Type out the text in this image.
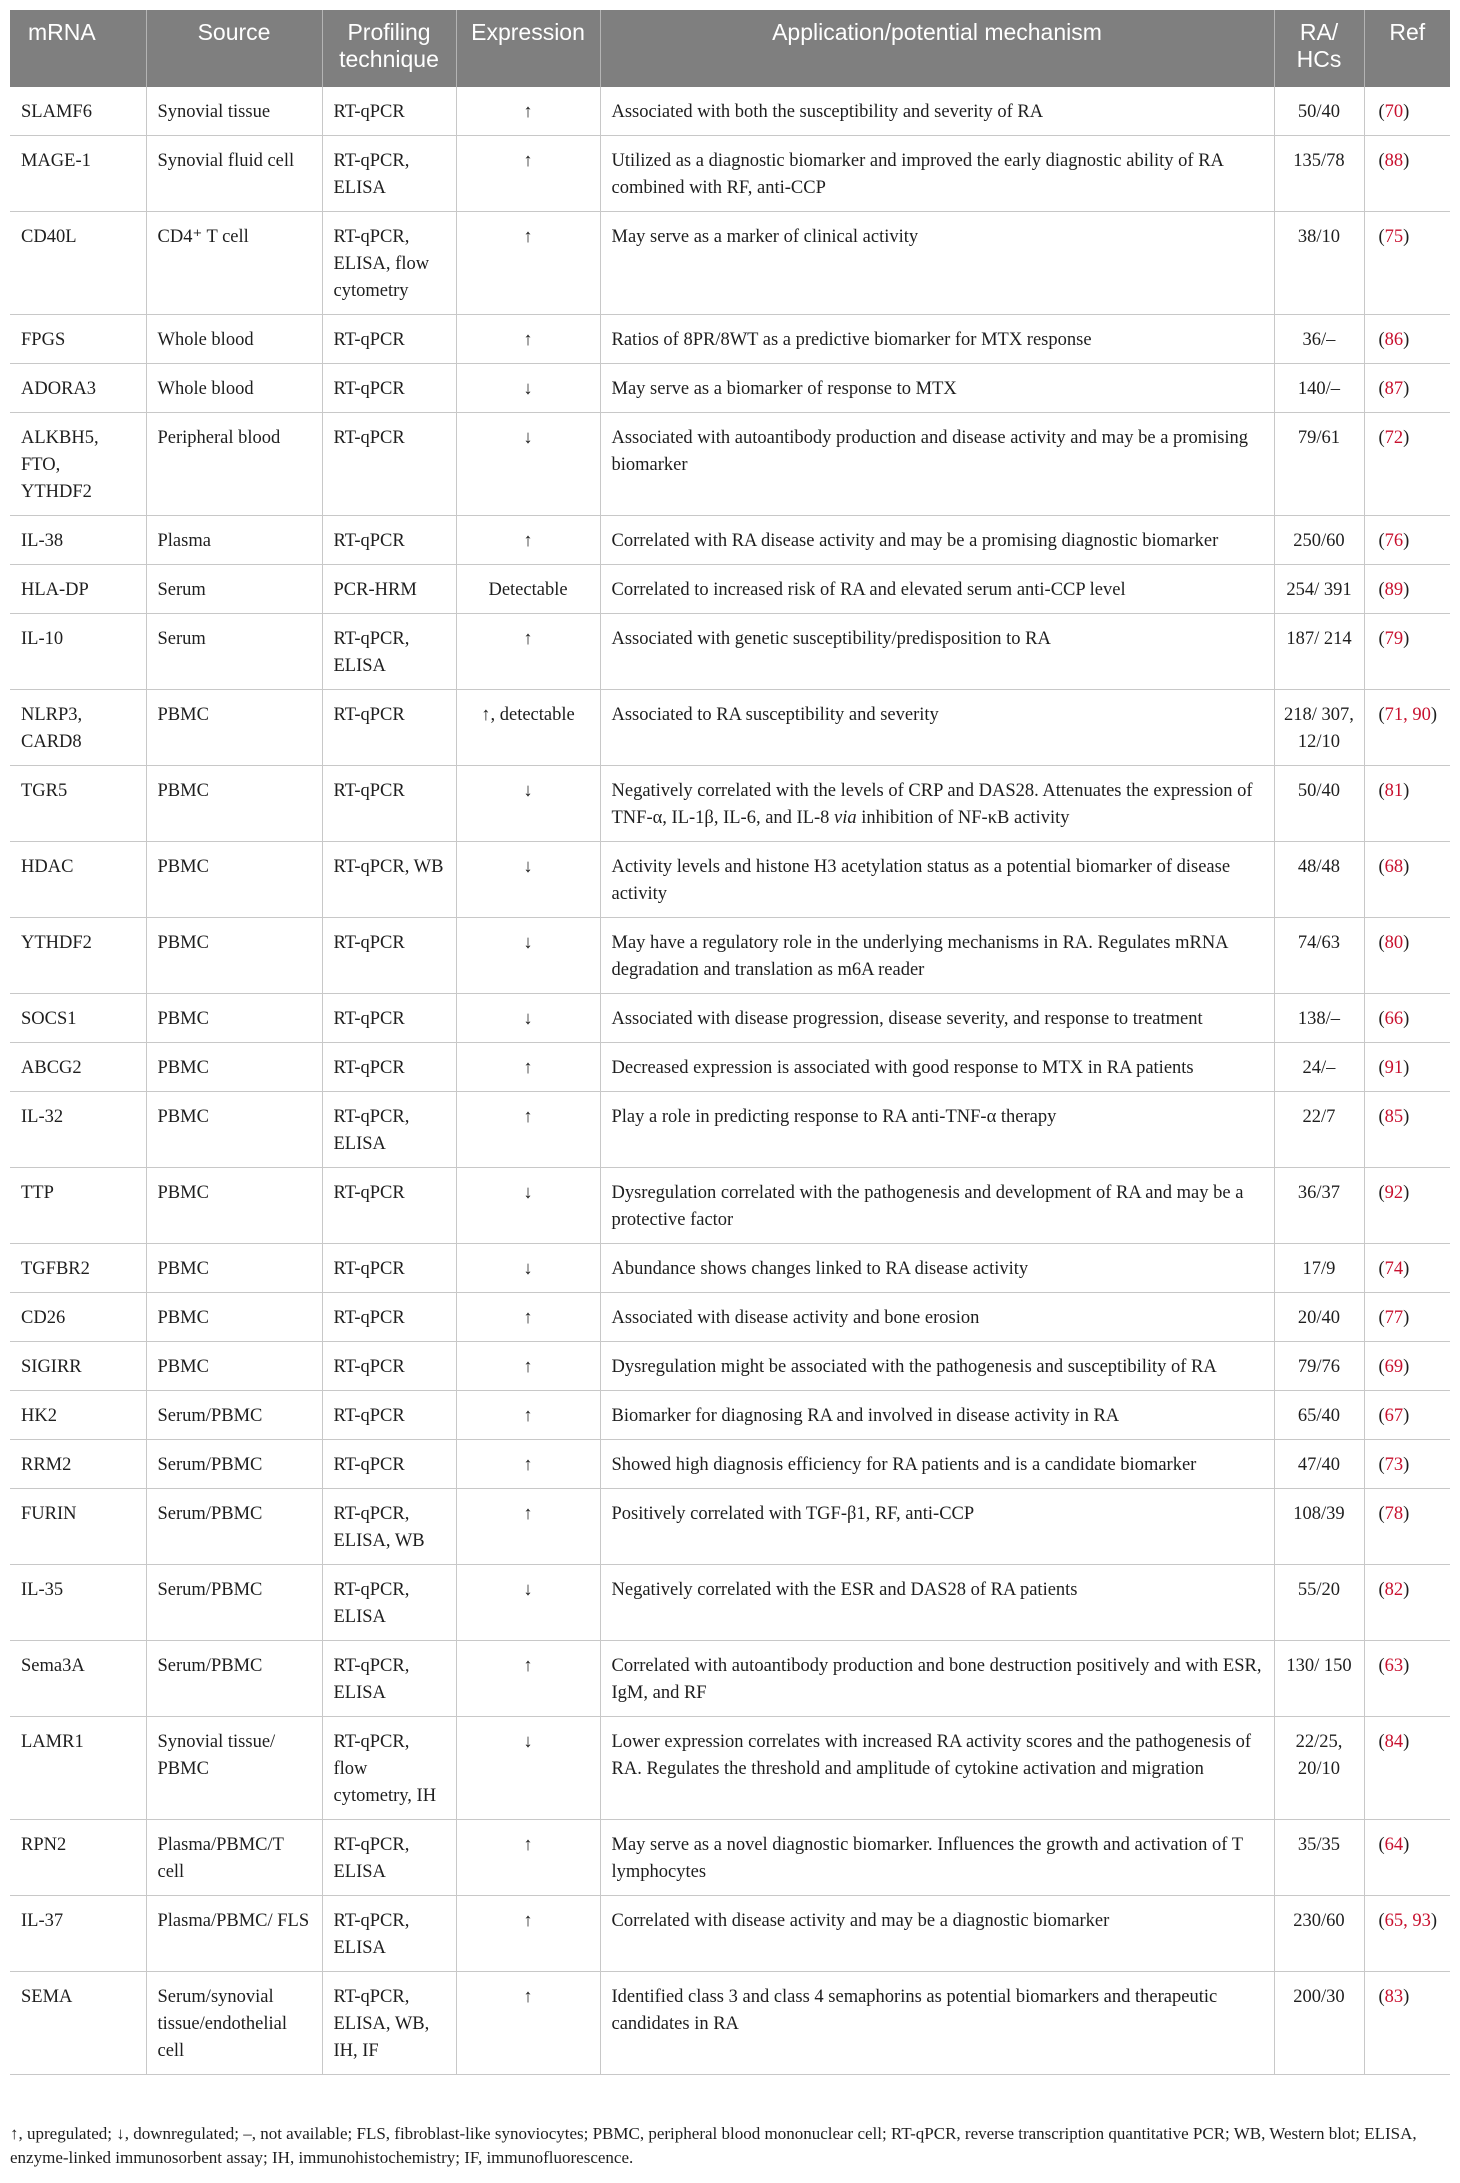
mRNA	Source	Profiling technique	Expression	Application/potential mechanism	RA/ HCs	Ref
SLAMF6	Synovial tissue	RT-qPCR	↑	Associated with both the susceptibility and severity of RA	50/40	(70)
MAGE-1	Synovial fluid cell	RT-qPCR, ELISA	↑	Utilized as a diagnostic biomarker and improved the early diagnostic ability of RA combined with RF, anti-CCP	135/78	(88)
CD40L	CD4⁺ T cell	RT-qPCR, ELISA, flow cytometry	↑	May serve as a marker of clinical activity	38/10	(75)
FPGS	Whole blood	RT-qPCR	↑	Ratios of 8PR/8WT as a predictive biomarker for MTX response	36/–	(86)
ADORA3	Whole blood	RT-qPCR	↓	May serve as a biomarker of response to MTX	140/–	(87)
ALKBH5, FTO, YTHDF2	Peripheral blood	RT-qPCR	↓	Associated with autoantibody production and disease activity and may be a promising biomarker	79/61	(72)
IL-38	Plasma	RT-qPCR	↑	Correlated with RA disease activity and may be a promising diagnostic biomarker	250/60	(76)
HLA-DP	Serum	PCR-HRM	Detectable	Correlated to increased risk of RA and elevated serum anti-CCP level	254/ 391	(89)
IL-10	Serum	RT-qPCR, ELISA	↑	Associated with genetic susceptibility/predisposition to RA	187/ 214	(79)
NLRP3, CARD8	PBMC	RT-qPCR	↑, detectable	Associated to RA susceptibility and severity	218/ 307, 12/10	(71, 90)
TGR5	PBMC	RT-qPCR	↓	Negatively correlated with the levels of CRP and DAS28. Attenuates the expression of TNF-α, IL-1β, IL-6, and IL-8 via inhibition of NF-κB activity	50/40	(81)
HDAC	PBMC	RT-qPCR, WB	↓	Activity levels and histone H3 acetylation status as a potential biomarker of disease activity	48/48	(68)
YTHDF2	PBMC	RT-qPCR	↓	May have a regulatory role in the underlying mechanisms in RA. Regulates mRNA degradation and translation as m6A reader	74/63	(80)
SOCS1	PBMC	RT-qPCR	↓	Associated with disease progression, disease severity, and response to treatment	138/–	(66)
ABCG2	PBMC	RT-qPCR	↑	Decreased expression is associated with good response to MTX in RA patients	24/–	(91)
IL-32	PBMC	RT-qPCR, ELISA	↑	Play a role in predicting response to RA anti-TNF-α therapy	22/7	(85)
TTP	PBMC	RT-qPCR	↓	Dysregulation correlated with the pathogenesis and development of RA and may be a protective factor	36/37	(92)
TGFBR2	PBMC	RT-qPCR	↓	Abundance shows changes linked to RA disease activity	17/9	(74)
CD26	PBMC	RT-qPCR	↑	Associated with disease activity and bone erosion	20/40	(77)
SIGIRR	PBMC	RT-qPCR	↑	Dysregulation might be associated with the pathogenesis and susceptibility of RA	79/76	(69)
HK2	Serum/PBMC	RT-qPCR	↑	Biomarker for diagnosing RA and involved in disease activity in RA	65/40	(67)
RRM2	Serum/PBMC	RT-qPCR	↑	Showed high diagnosis efficiency for RA patients and is a candidate biomarker	47/40	(73)
FURIN	Serum/PBMC	RT-qPCR, ELISA, WB	↑	Positively correlated with TGF-β1, RF, anti-CCP	108/39	(78)
IL-35	Serum/PBMC	RT-qPCR, ELISA	↓	Negatively correlated with the ESR and DAS28 of RA patients	55/20	(82)
Sema3A	Serum/PBMC	RT-qPCR, ELISA	↑	Correlated with autoantibody production and bone destruction positively and with ESR, IgM, and RF	130/ 150	(63)
LAMR1	Synovial tissue/ PBMC	RT-qPCR, flow cytometry, IH	↓	Lower expression correlates with increased RA activity scores and the pathogenesis of RA. Regulates the threshold and amplitude of cytokine activation and migration	22/25, 20/10	(84)
RPN2	Plasma/PBMC/T cell	RT-qPCR, ELISA	↑	May serve as a novel diagnostic biomarker. Influences the growth and activation of T lymphocytes	35/35	(64)
IL-37	Plasma/PBMC/ FLS	RT-qPCR, ELISA	↑	Correlated with disease activity and may be a diagnostic biomarker	230/60	(65, 93)
SEMA	Serum/synovial tissue/endothelial cell	RT-qPCR, ELISA, WB, IH, IF	↑	Identified class 3 and class 4 semaphorins as potential biomarkers and therapeutic candidates in RA	200/30	(83)
↑, upregulated; ↓, downregulated; –, not available; FLS, fibroblast-like synoviocytes; PBMC, peripheral blood mononuclear cell; RT-qPCR, reverse transcription quantitative PCR; WB, Western blot; ELISA, enzyme-linked immunosorbent assay; IH, immunohistochemistry; IF, immunofluorescence.
